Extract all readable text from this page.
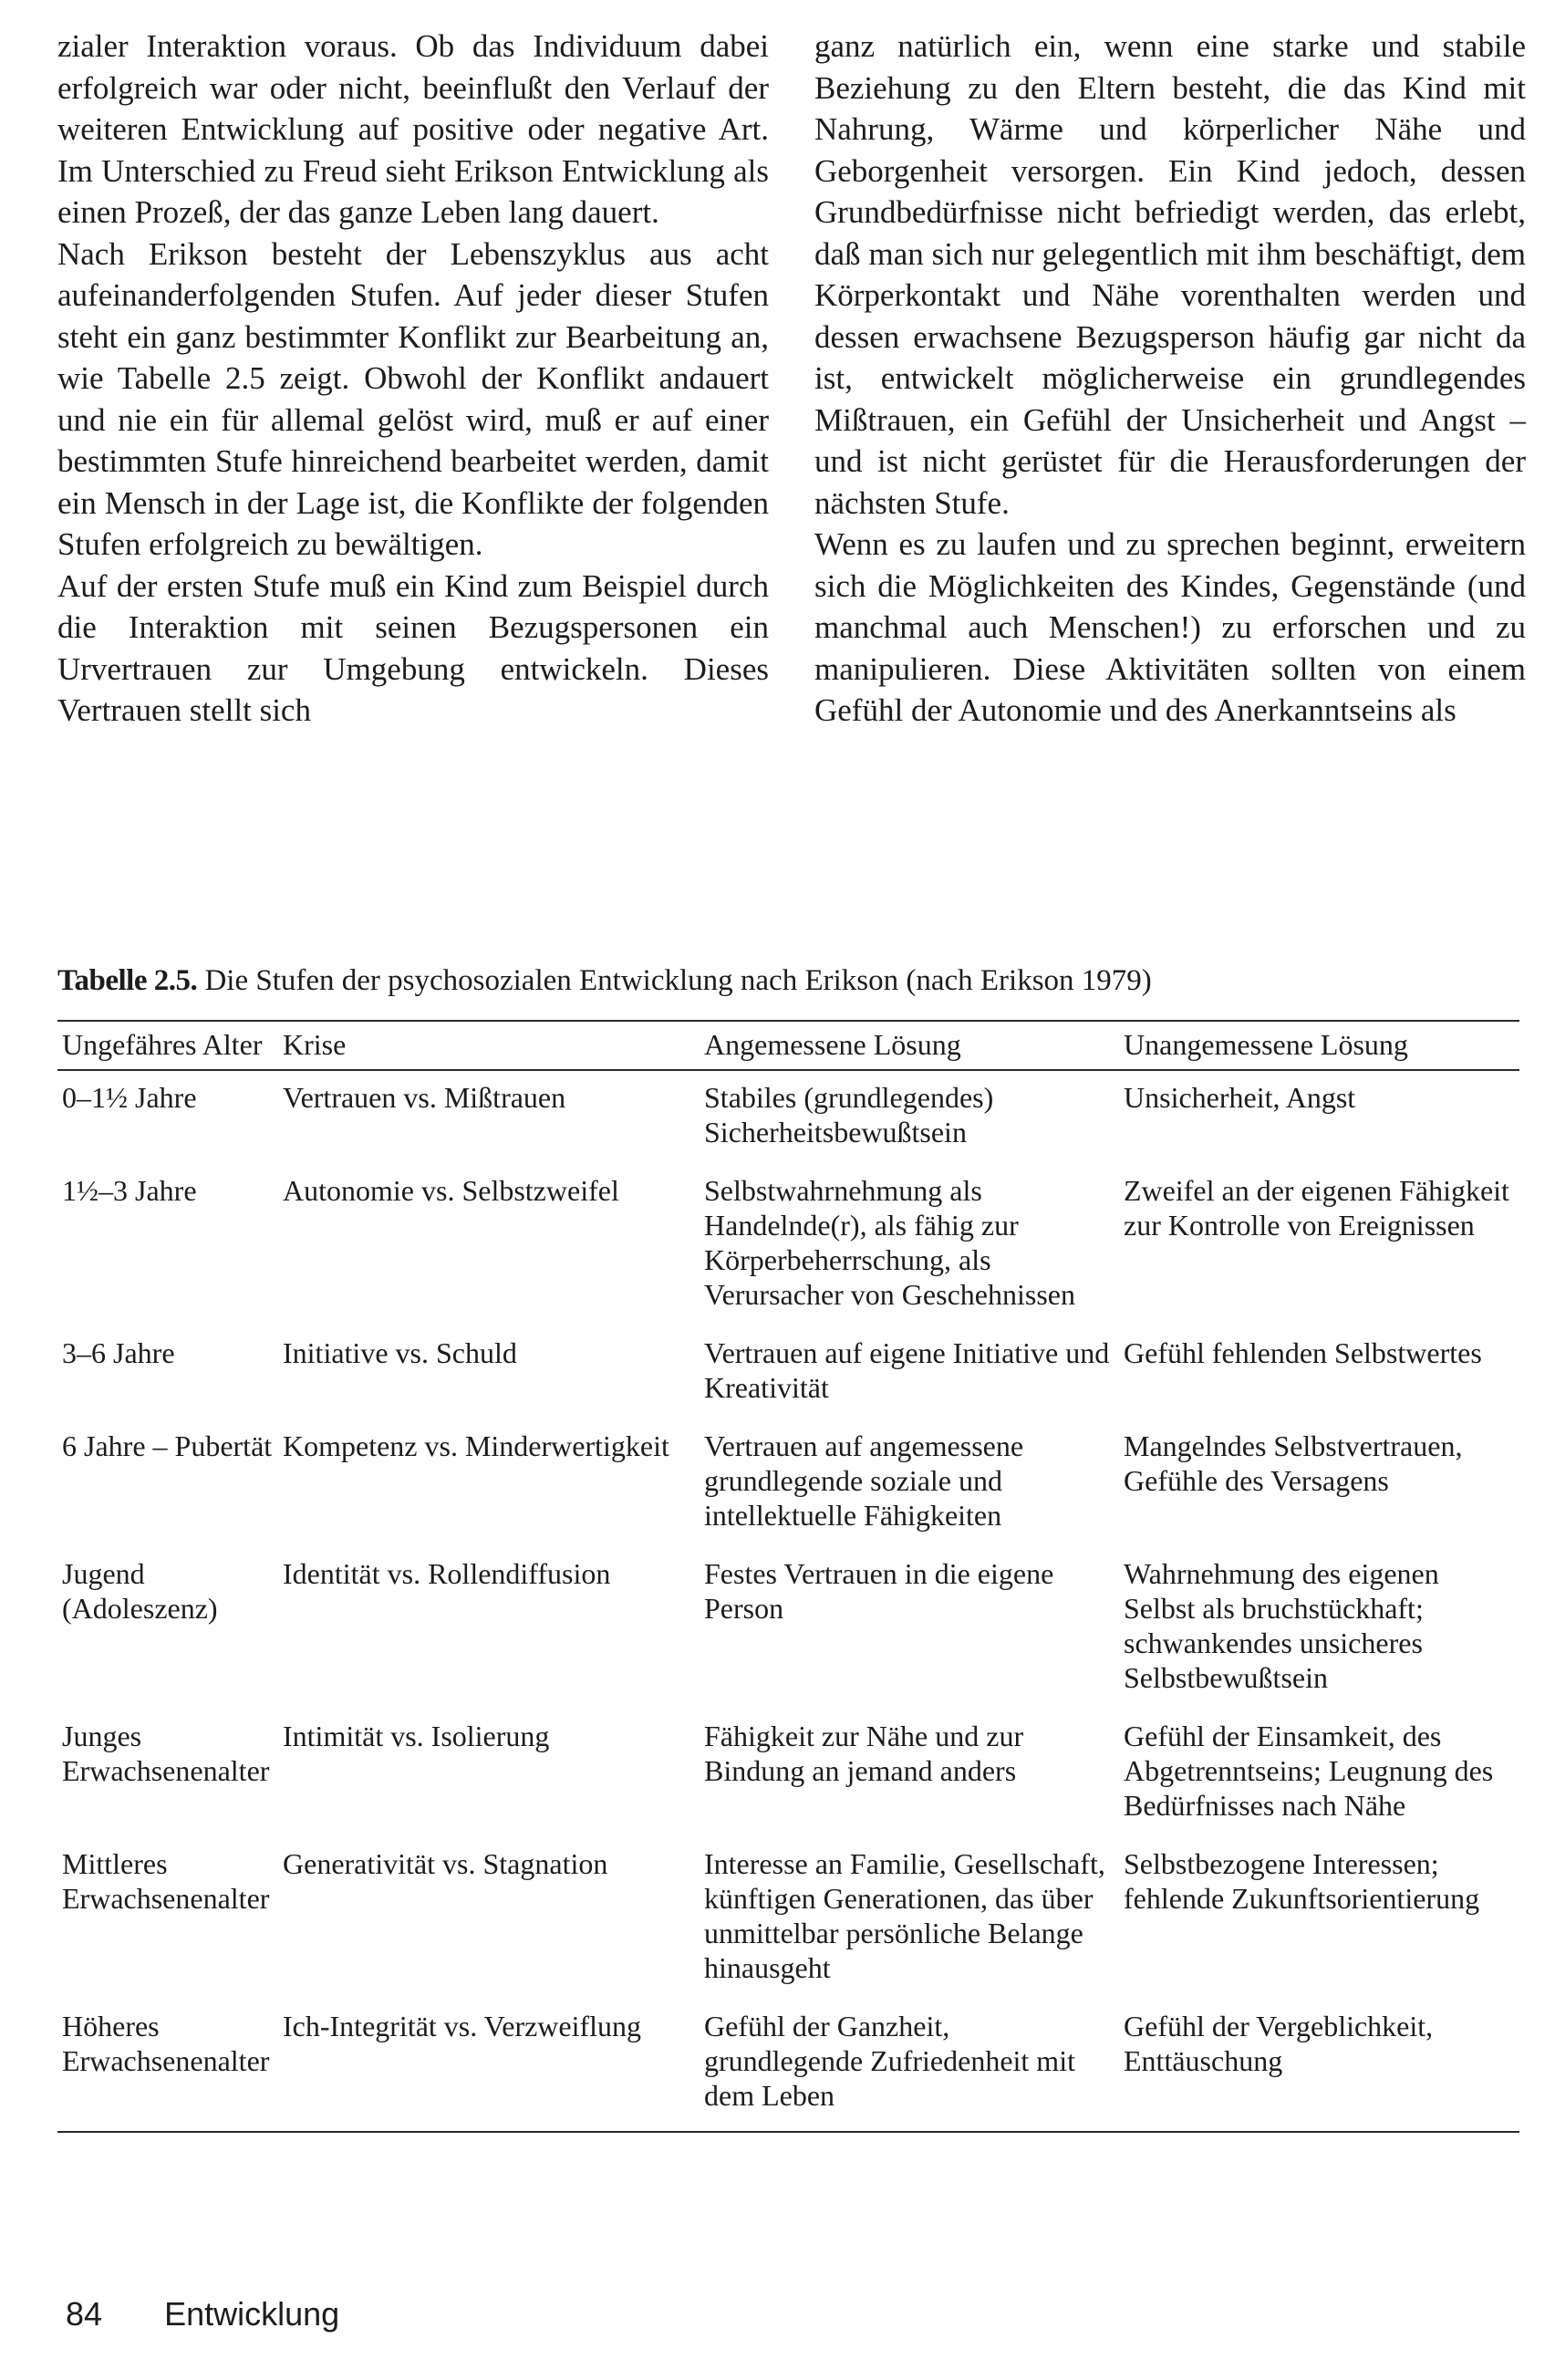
zialer Interaktion voraus. Ob das Individuum dabei erfolgreich war oder nicht, beeinflußt den Verlauf der weiteren Entwicklung auf positive oder negative Art. Im Unterschied zu Freud sieht Erikson Entwicklung als einen Prozeß, der das ganze Leben lang dauert.

Nach Erikson besteht der Lebenszyklus aus acht aufeinanderfolgenden Stufen. Auf jeder dieser Stufen steht ein ganz bestimmter Konflikt zur Bearbeitung an, wie Tabelle 2.5 zeigt. Obwohl der Konflikt andauert und nie ein für allemal gelöst wird, muß er auf einer bestimmten Stufe hinreichend bearbeitet werden, damit ein Mensch in der Lage ist, die Konflikte der folgenden Stufen erfolgreich zu bewältigen.

Auf der ersten Stufe muß ein Kind zum Beispiel durch die Interaktion mit seinen Bezugspersonen ein Urvertrauen zur Umgebung entwickeln. Dieses Vertrauen stellt sich

ganz natürlich ein, wenn eine starke und stabile Beziehung zu den Eltern besteht, die das Kind mit Nahrung, Wärme und körperlicher Nähe und Geborgenheit versorgen. Ein Kind jedoch, dessen Grundbedürfnisse nicht befriedigt werden, das erlebt, daß man sich nur gelegentlich mit ihm beschäftigt, dem Körperkontakt und Nähe vorenthalten werden und dessen erwachsene Bezugsperson häufig gar nicht da ist, entwickelt möglicherweise ein grundlegendes Mißtrauen, ein Gefühl der Unsicherheit und Angst – und ist nicht gerüstet für die Herausforderungen der nächsten Stufe.

Wenn es zu laufen und zu sprechen beginnt, erweitern sich die Möglichkeiten des Kindes, Gegenstände (und manchmal auch Menschen!) zu erforschen und zu manipulieren. Diese Aktivitäten sollten von einem Gefühl der Autonomie und des Anerkanntseins als

Tabelle 2.5. Die Stufen der psychosozialen Entwicklung nach Erikson (nach Erikson 1979)
Ungefähres Alter	Krise	Angemessene Lösung	Unangemessene Lösung
0–1½ Jahre	Vertrauen vs. Mißtrauen	Stabiles (grundlegendes) Sicherheitsbewußtsein	Unsicherheit, Angst
1½–3 Jahre	Autonomie vs. Selbstzweifel	Selbstwahrnehmung als Handelnde(r), als fähig zur Körperbeherrschung, als Verursacher von Geschehnissen	Zweifel an der eigenen Fähigkeit zur Kontrolle von Ereignissen
3–6 Jahre	Initiative vs. Schuld	Vertrauen auf eigene Initiative und Kreativität	Gefühl fehlenden Selbstwertes
6 Jahre – Pubertät	Kompetenz vs. Minderwertigkeit	Vertrauen auf angemessene grundlegende soziale und intellektuelle Fähigkeiten	Mangelndes Selbstvertrauen, Gefühle des Versagens
Jugend (Adoleszenz)	Identität vs. Rollendiffusion	Festes Vertrauen in die eigene Person	Wahrnehmung des eigenen Selbst als bruchstückhaft; schwankendes unsicheres Selbstbewußtsein
Junges Erwachsenenalter	Intimität vs. Isolierung	Fähigkeit zur Nähe und zur Bindung an jemand anders	Gefühl der Einsamkeit, des Abgetrenntseins; Leugnung des Bedürfnisses nach Nähe
Mittleres Erwachsenenalter	Generativität vs. Stagnation	Interesse an Familie, Gesellschaft, künftigen Generationen, das über unmittelbar persönliche Belange hinausgeht	Selbstbezogene Interessen; fehlende Zukunftsorientierung
Höheres Erwachsenenalter	Ich-Integrität vs. Verzweiflung	Gefühl der Ganzheit, grundlegende Zufriedenheit mit dem Leben	Gefühl der Vergeblichkeit, Enttäuschung
84 Entwicklung
